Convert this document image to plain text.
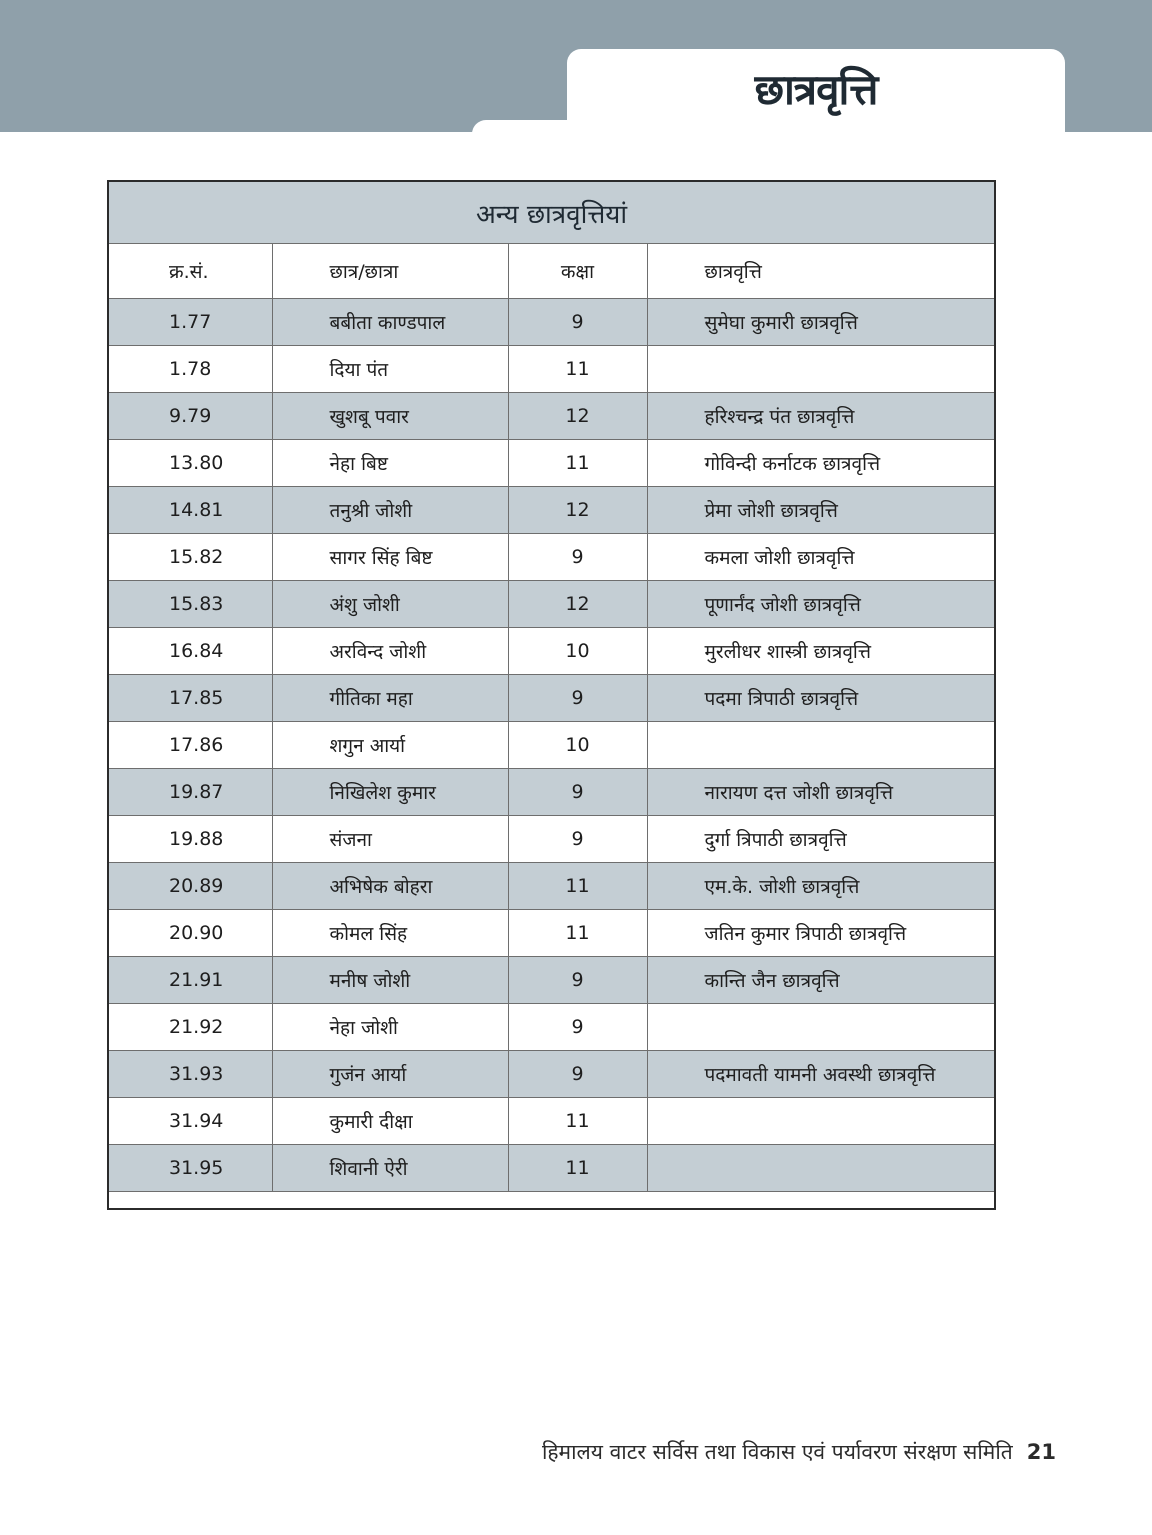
छात्रवृत्ति
अन्य छात्रवृत्तियां			
क्र.सं.	छात्र/छात्रा	कक्षा	छात्रवृत्ति
1.77	बबीता काण्डपाल	9	सुमेघा कुमारी छात्रवृत्ति
1.78	दिया पंत	11	
9.79	खुशबू पवार	12	हरिश्चन्द्र पंत छात्रवृत्ति
13.80	नेहा बिष्ट	11	गोविन्दी कर्नाटक छात्रवृत्ति
14.81	तनुश्री जोशी	12	प्रेमा जोशी छात्रवृत्ति
15.82	सागर सिंह बिष्ट	9	कमला जोशी छात्रवृत्ति
15.83	अंशु जोशी	12	पूणार्नंद जोशी छात्रवृत्ति
16.84	अरविन्द जोशी	10	मुरलीधर शास्त्री छात्रवृत्ति
17.85	गीतिका महा	9	पदमा त्रिपाठी छात्रवृत्ति
17.86	शगुन आर्या	10	
19.87	निखिलेश कुमार	9	नारायण दत्त जोशी छात्रवृत्ति
19.88	संजना	9	दुर्गा त्रिपाठी छात्रवृत्ति
20.89	अभिषेक बोहरा	11	एम.के. जोशी छात्रवृत्ति
20.90	कोमल सिंह	11	जतिन कुमार त्रिपाठी छात्रवृत्ति
21.91	मनीष जोशी	9	कान्ति जैन छात्रवृत्ति
21.92	नेहा जोशी	9	
31.93	गुजंन आर्या	9	पदमावती यामनी अवस्थी छात्रवृत्ति
31.94	कुमारी दीक्षा	11	
31.95	शिवानी ऐरी	11	

हिमालय वाटर सर्विस तथा विकास एवं पर्यावरण संरक्षण समिति 21
